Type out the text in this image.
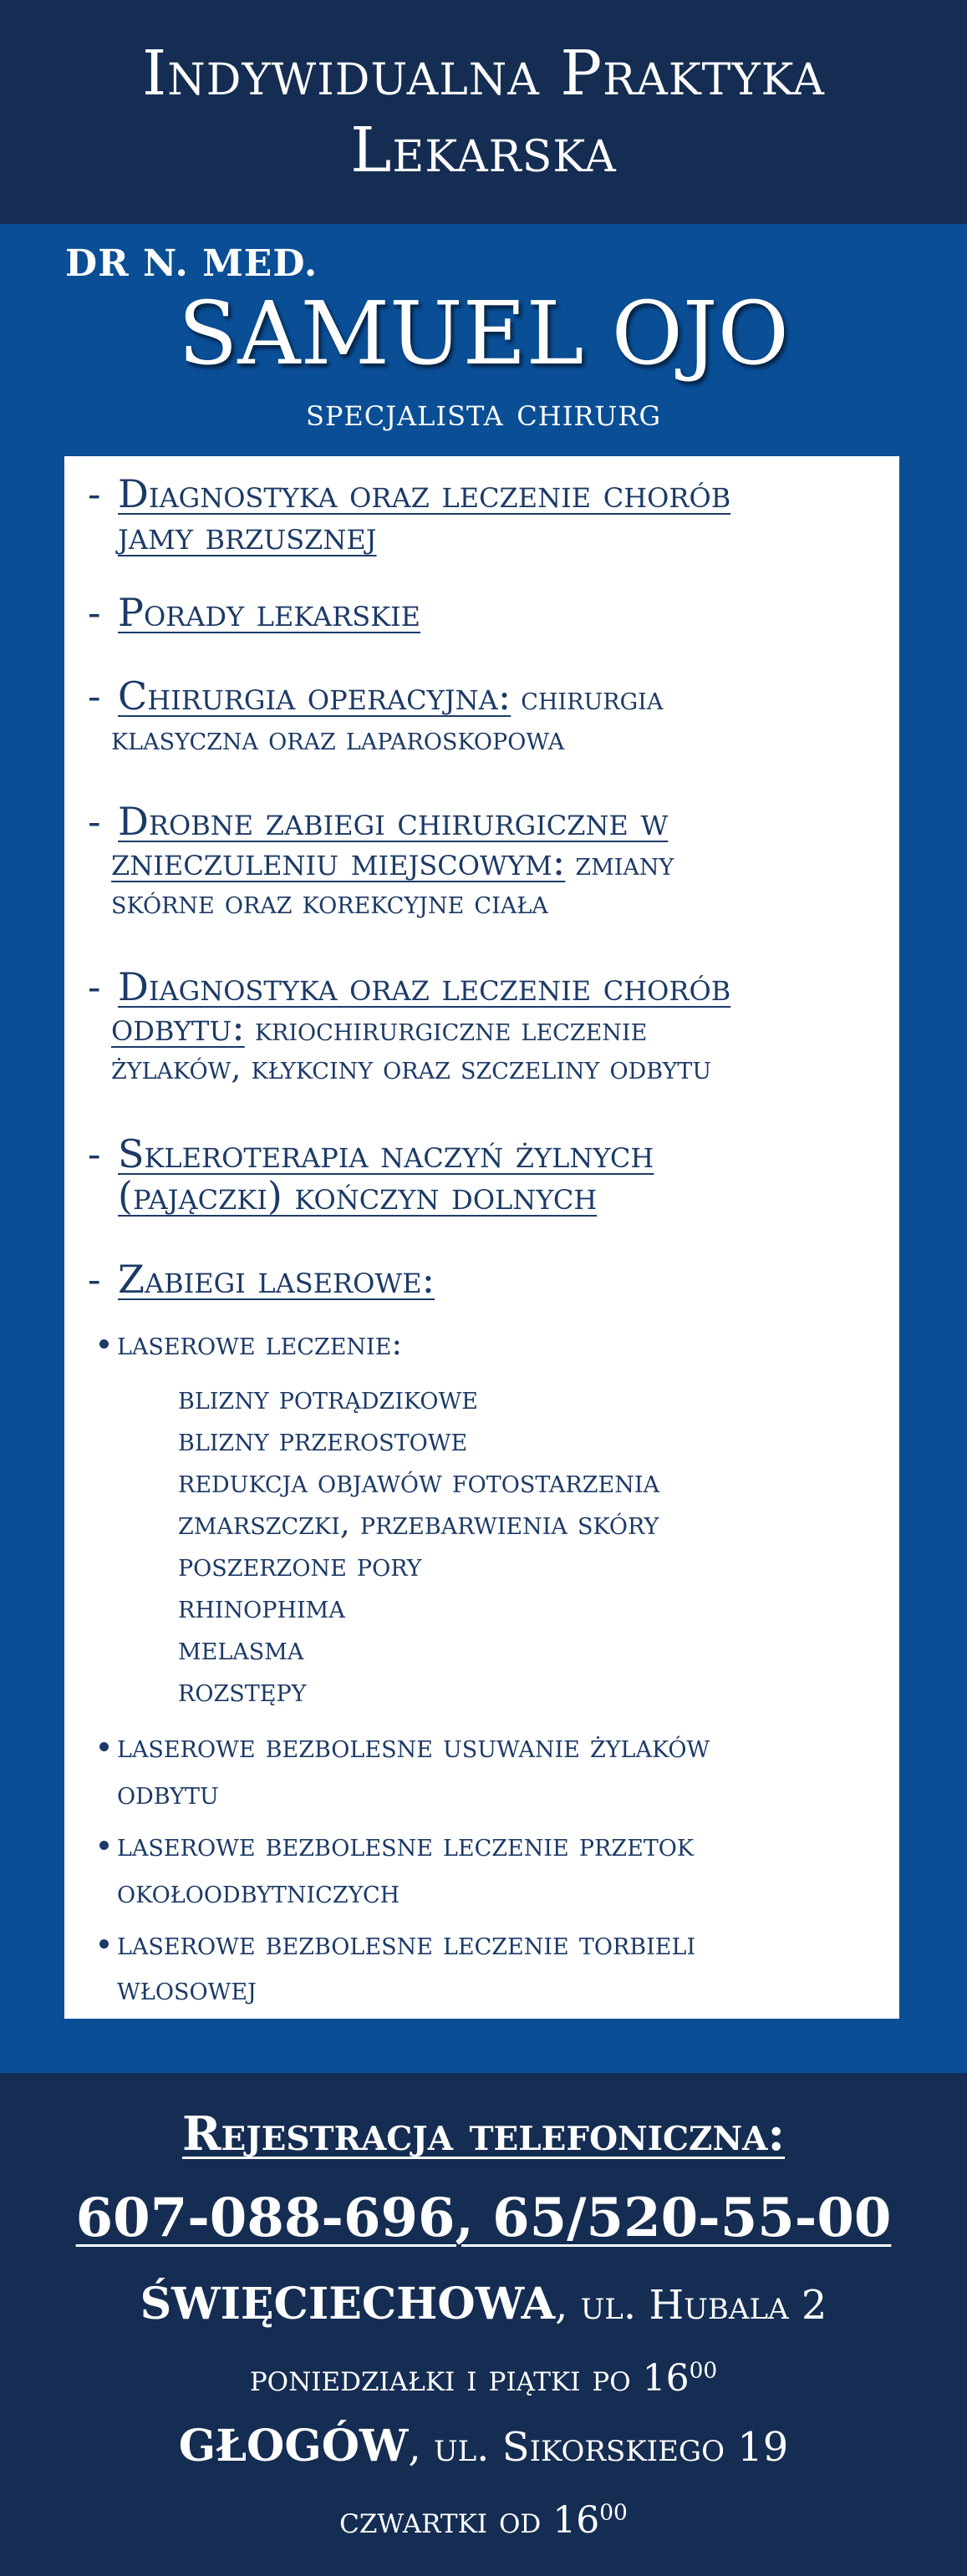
Indywidualna Praktyka
Lekarska
DR N. MED.
SAMUEL OJO
specjalista chirurg
- Diagnostyka oraz leczenie chorób
jamy brzusznej
- Porady lekarskie
- Chirurgia operacyjna: chirurgia
klasyczna oraz laparoskopowa
- Drobne zabiegi chirurgiczne w
znieczuleniu miejscowym: zmiany
skórne oraz korekcyjne ciała
- Diagnostyka oraz leczenie chorób
odbytu: kriochirurgiczne leczenie
żylaków, kłykciny oraz szczeliny odbytu
- Skleroterapia naczyń żylnych
(pajączki) kończyn dolnych
- Zabiegi laserowe:
laserowe leczenie:
blizny potrądzikowe
blizny przerostowe
redukcja objawów fotostarzenia
zmarszczki, przebarwienia skóry
poszerzone pory
rhinophima
melasma
rozstępy
laserowe bezbolesne usuwanie żylaków
odbytu
laserowe bezbolesne leczenie przetok
okołoodbytniczych
laserowe bezbolesne leczenie torbieli
włosowej
Rejestracja telefoniczna:
607-088-696, 65/520-55-00
ŚWIĘCIECHOWA, ul. Hubala 2
poniedziałki i piątki po $16^{00}$
GŁOGÓW, ul. Sikorskiego 19
czwartki od $16^{00}$
